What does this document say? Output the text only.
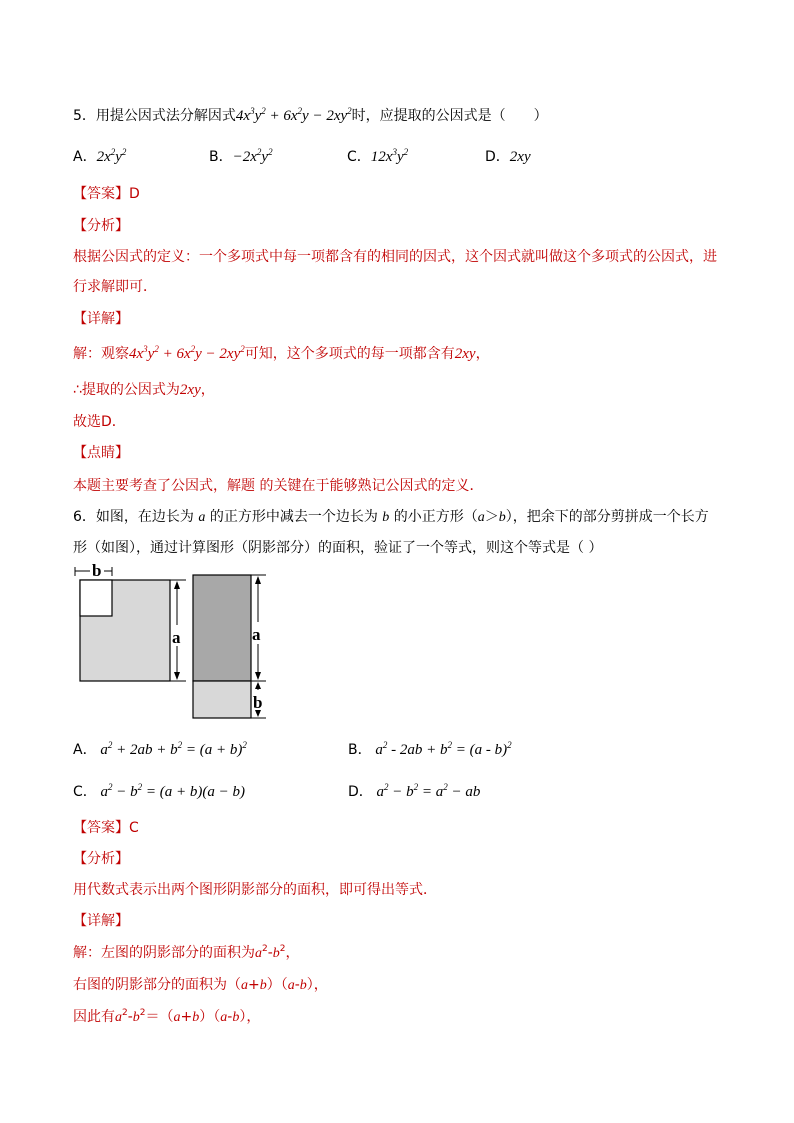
5．用提公因式法分解因式$4x^3y^2 + 6x^2y - 2xy^2$时，应提取的公因式是（　　）
A．$2x^2y^2$	B．$-2x^2y^2$	C．$12x^3y^2$	D．2xy
【答案】D
【分析】
根据公因式的定义：一个多项式中每一项都含有的相同的因式，这个因式就叫做这个多项式的公因式，进
行求解即可．
【详解】
解：观察$4x^3y^2 + 6x^2y - 2xy^2$可知，这个多项式的每一项都含有2xy，
∴提取的公因式为2xy，
故选D．
【点睛】
本题主要考查了公因式，解题 的关键在于能够熟记公因式的定义．
6．如图，在边长为 a 的正方形中减去一个边长为 b 的小正方形（a＞b），把余下的部分剪拼成一个长方
形（如图），通过计算图形（阴影部分）的面积，验证了一个等式，则这个等式是（ ）
b
a	a
b
A． $a^2 + 2ab + b^2 = (a + b)^2$	B． $a^2 - 2ab + b^2 = (a - b)^2$
C． $a^2 - b^2 = (a + b)(a - b)$	D． $a^2 - b^2 = a^2$ − ab
【答案】C
【分析】
用代数式表示出两个图形阴影部分的面积，即可得出等式．
【详解】
解：左图的阴影部分的面积为$a^2-b^2$，
右图的阴影部分的面积为（a+b）（a-b），
因此有$a^2-b^2=(a+b)(a-b)$，
